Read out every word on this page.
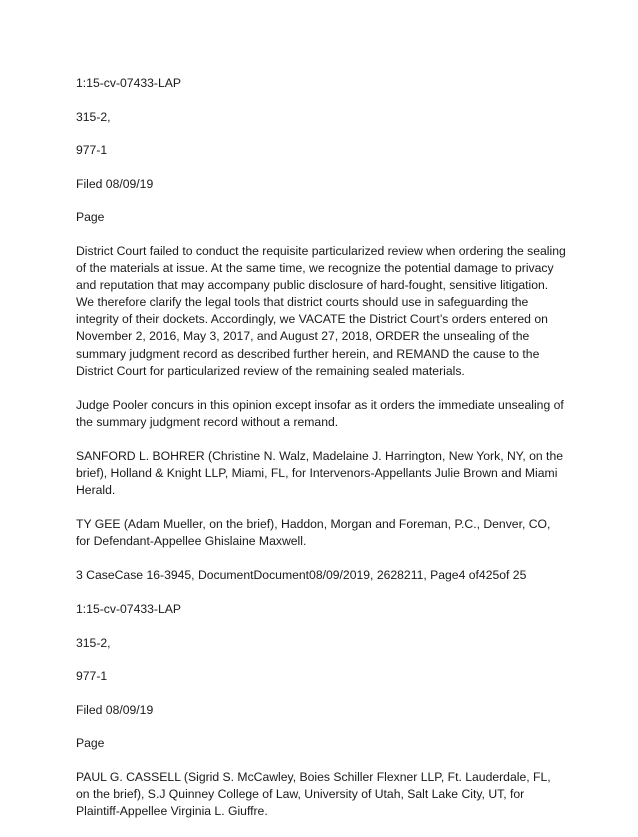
1:15-cv-07433-LAP

315-2,

977-1

Filed 08/09/19

Page

District Court failed to conduct the requisite particularized review when ordering the sealing of the materials at issue. At the same time, we recognize the potential damage to privacy and reputation that may accompany public disclosure of hard-fought, sensitive litigation. We therefore clarify the legal tools that district courts should use in safeguarding the integrity of their dockets. Accordingly, we VACATE the District Court’s orders entered on November 2, 2016, May 3, 2017, and August 27, 2018, ORDER the unsealing of the summary judgment record as described further herein, and REMAND the cause to the District Court for particularized review of the remaining sealed materials.

Judge Pooler concurs in this opinion except insofar as it orders the immediate unsealing of the summary judgment record without a remand.

SANFORD L. BOHRER (Christine N. Walz, Madelaine J. Harrington, New York, NY, on the brief), Holland & Knight LLP, Miami, FL, for Intervenors-Appellants Julie Brown and Miami Herald.

TY GEE (Adam Mueller, on the brief), Haddon, Morgan and Foreman, P.C., Denver, CO, for Defendant-Appellee Ghislaine Maxwell.

3 CaseCase 16-3945, DocumentDocument08/09/2019, 2628211, Page4 of425of 25

1:15-cv-07433-LAP

315-2,

977-1

Filed 08/09/19

Page

PAUL G. CASSELL (Sigrid S. McCawley, Boies Schiller Flexner LLP, Ft. Lauderdale, FL, on the brief), S.J Quinney College of Law, University of Utah, Salt Lake City, UT, for Plaintiff-Appellee Virginia L. Giuffre.
